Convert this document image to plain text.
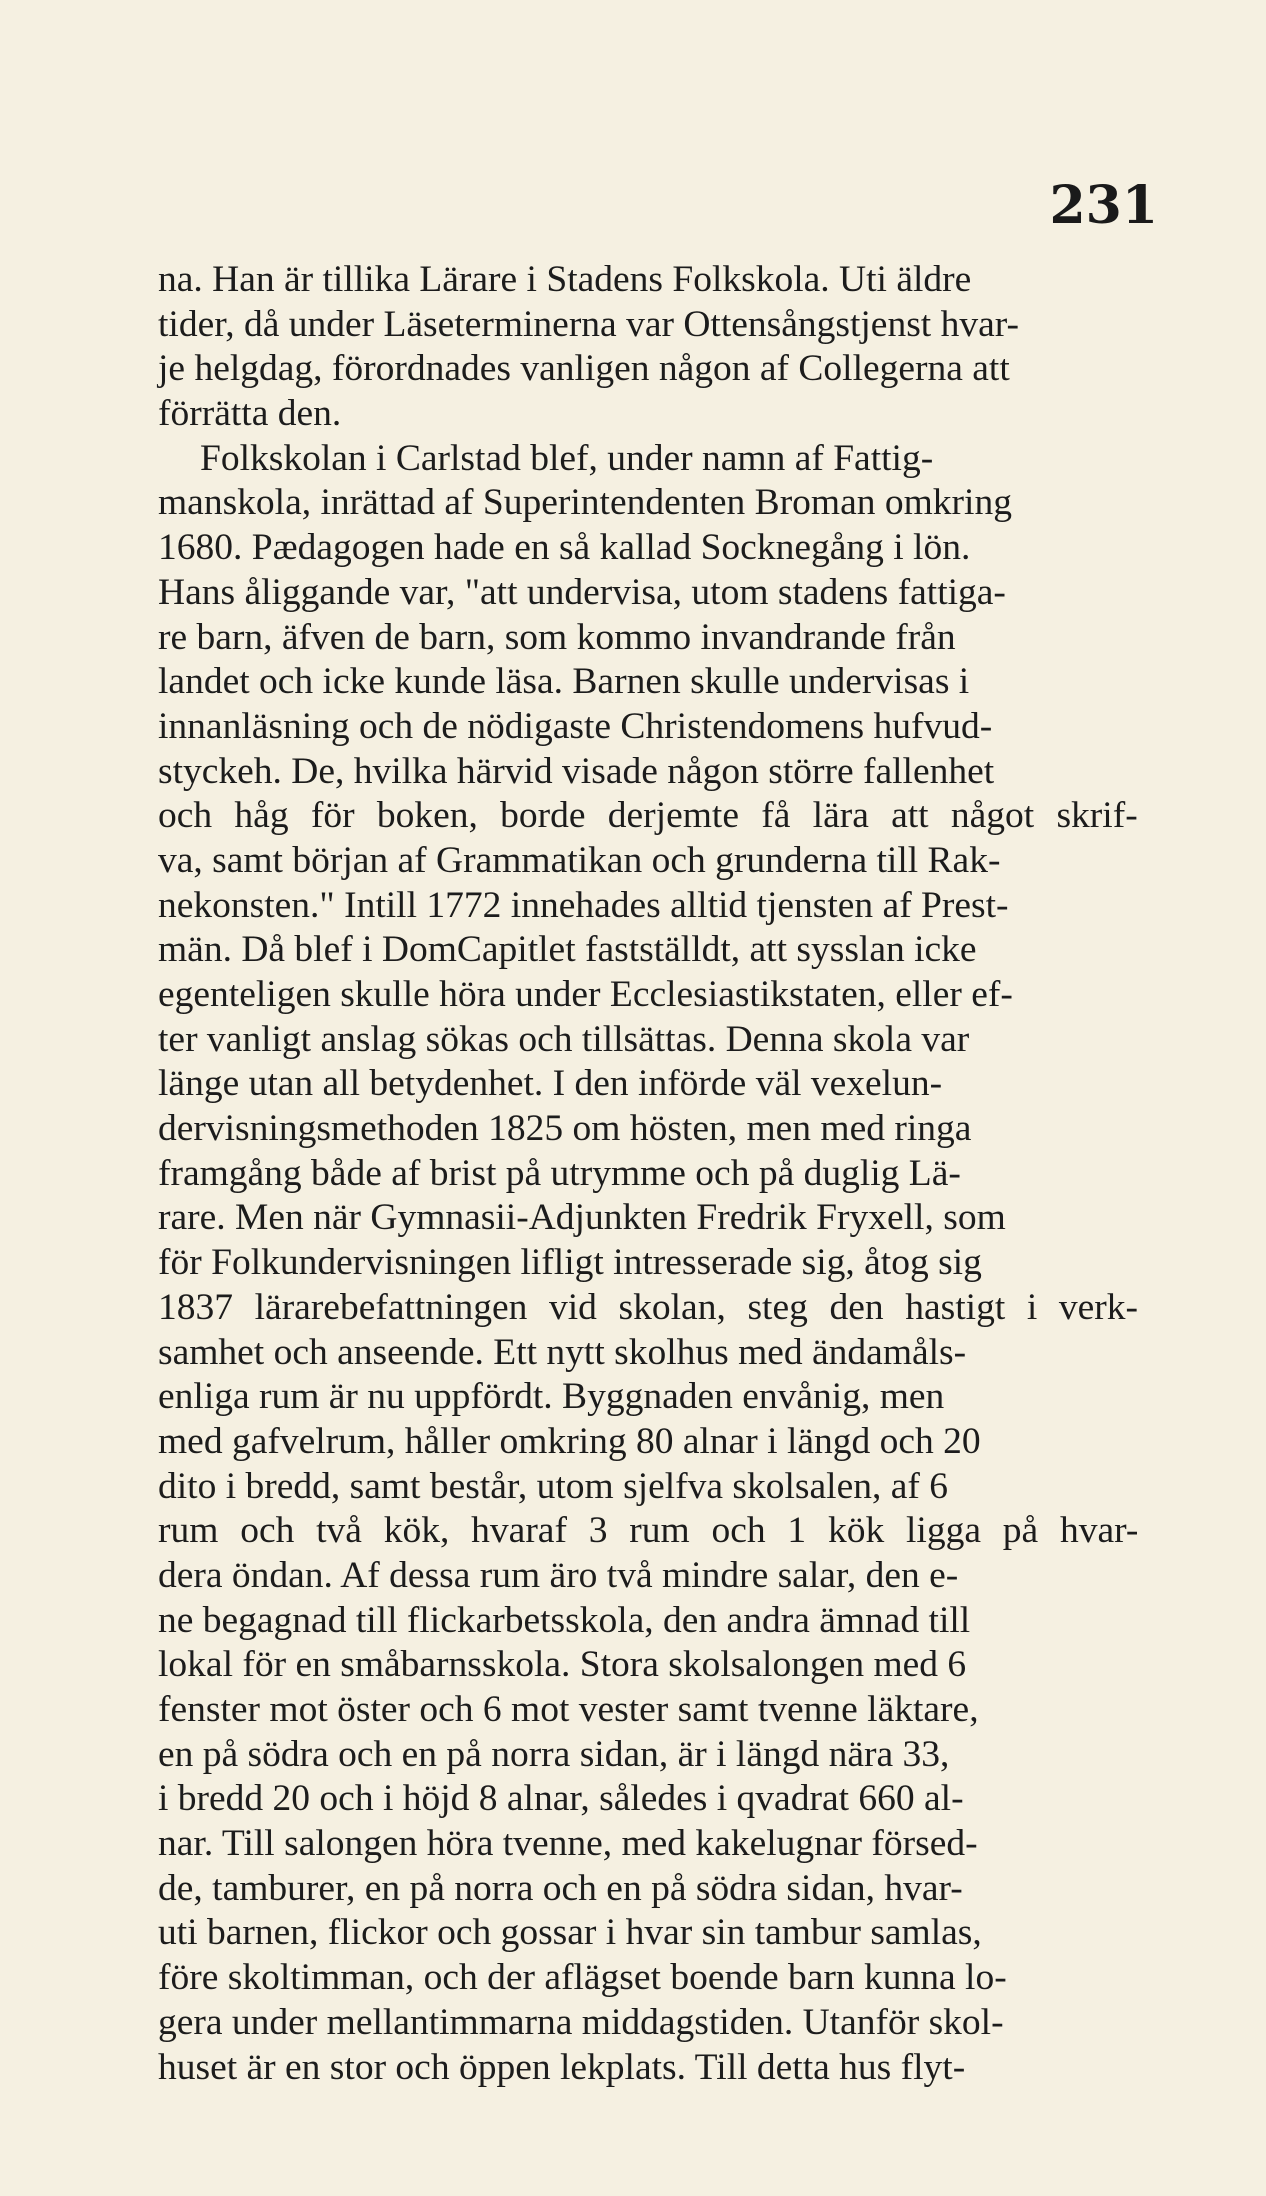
231
na. Han är tillika Lärare i Stadens Folkskola. Uti äldre
tider, då under Läseterminerna var Ottensångstjenst hvar-
je helgdag, förordnades vanligen någon af Collegerna att
förrätta den.
Folkskolan i Carlstad blef, under namn af Fattig-
manskola, inrättad af Superintendenten Broman omkring
1680. Pædagogen hade en så kallad Socknegång i lön.
Hans åliggande var, "att undervisa, utom stadens fattiga-
re barn, äfven de barn, som kommo invandrande från
landet och icke kunde läsa. Barnen skulle undervisas i
innanläsning och de nödigaste Christendomens hufvud-
styckeh. De, hvilka härvid visade någon större fallenhet
och håg för boken, borde derjemte få lära att något skrif-
va, samt början af Grammatikan och grunderna till Rak-
nekonsten." Intill 1772 innehades alltid tjensten af Prest-
män. Då blef i DomCapitlet fastställdt, att sysslan icke
egenteligen skulle höra under Ecclesiastikstaten, eller ef-
ter vanligt anslag sökas och tillsättas. Denna skola var
länge utan all betydenhet. I den införde väl vexelun-
dervisningsmethoden 1825 om hösten, men med ringa
framgång både af brist på utrymme och på duglig Lä-
rare. Men när Gymnasii-Adjunkten Fredrik Fryxell, som
för Folkundervisningen lifligt intresserade sig, åtog sig
1837 lärarebefattningen vid skolan, steg den hastigt i verk-
samhet och anseende. Ett nytt skolhus med ändamåls-
enliga rum är nu uppfördt. Byggnaden envånig, men
med gafvelrum, håller omkring 80 alnar i längd och 20
dito i bredd, samt består, utom sjelfva skolsalen, af 6
rum och två kök, hvaraf 3 rum och 1 kök ligga på hvar-
dera öndan. Af dessa rum äro två mindre salar, den e-
ne begagnad till flickarbetsskola, den andra ämnad till
lokal för en småbarnsskola. Stora skolsalongen med 6
fenster mot öster och 6 mot vester samt tvenne läktare,
en på södra och en på norra sidan, är i längd nära 33,
i bredd 20 och i höjd 8 alnar, således i qvadrat 660 al-
nar. Till salongen höra tvenne, med kakelugnar försed-
de, tamburer, en på norra och en på södra sidan, hvar-
uti barnen, flickor och gossar i hvar sin tambur samlas,
före skoltimman, och der aflägset boende barn kunna lo-
gera under mellantimmarna middagstiden. Utanför skol-
huset är en stor och öppen lekplats. Till detta hus flyt-
